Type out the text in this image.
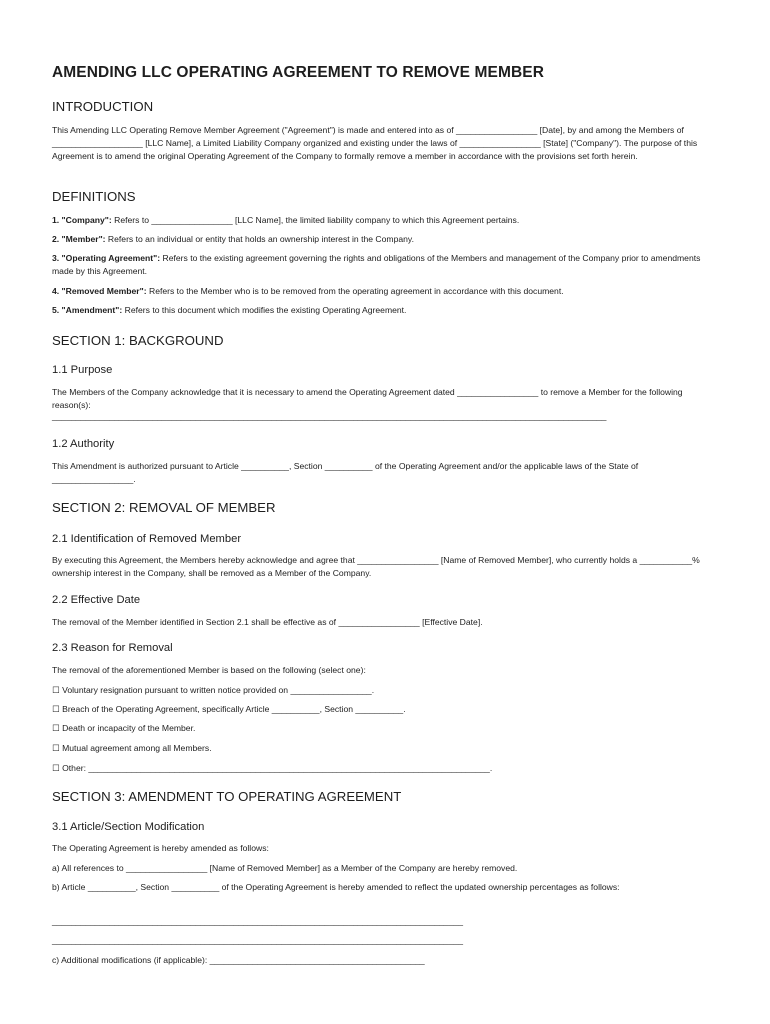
AMENDING LLC OPERATING AGREEMENT TO REMOVE MEMBER
INTRODUCTION
This Amending LLC Operating Remove Member Agreement ("Agreement") is made and entered into as of _________________ [Date], by and among the Members of ___________________ [LLC Name], a Limited Liability Company organized and existing under the laws of _________________ [State] ("Company"). The purpose of this Agreement is to amend the original Operating Agreement of the Company to formally remove a member in accordance with the provisions set forth herein.
DEFINITIONS
1. "Company": Refers to _________________ [LLC Name], the limited liability company to which this Agreement pertains.
2. "Member": Refers to an individual or entity that holds an ownership interest in the Company.
3. "Operating Agreement": Refers to the existing agreement governing the rights and obligations of the Members and management of the Company prior to amendments made by this Agreement.
4. "Removed Member": Refers to the Member who is to be removed from the operating agreement in accordance with this document.
5. "Amendment": Refers to this document which modifies the existing Operating Agreement.
SECTION 1: BACKGROUND
1.1 Purpose
The Members of the Company acknowledge that it is necessary to amend the Operating Agreement dated _________________ to remove a Member for the following reason(s):
____________________________________________________________________________________________________________________
1.2 Authority
This Amendment is authorized pursuant to Article __________, Section __________ of the Operating Agreement and/or the applicable laws of the State of _________________.
SECTION 2: REMOVAL OF MEMBER
2.1 Identification of Removed Member
By executing this Agreement, the Members hereby acknowledge and agree that _________________ [Name of Removed Member], who currently holds a ___________% ownership interest in the Company, shall be removed as a Member of the Company.
2.2 Effective Date
The removal of the Member identified in Section 2.1 shall be effective as of _________________ [Effective Date].
2.3 Reason for Removal
The removal of the aforementioned Member is based on the following (select one):
☐ Voluntary resignation pursuant to written notice provided on _________________.
☐ Breach of the Operating Agreement, specifically Article __________, Section __________.
☐ Death or incapacity of the Member.
☐ Mutual agreement among all Members.
☐ Other: ____________________________________________________________________________________.
SECTION 3: AMENDMENT TO OPERATING AGREEMENT
3.1 Article/Section Modification
The Operating Agreement is hereby amended as follows:
a) All references to _________________ [Name of Removed Member] as a Member of the Company are hereby removed.
b) Article __________, Section __________ of the Operating Agreement is hereby amended to reflect the updated ownership percentages as follows:
______________________________________________________________________________________
______________________________________________________________________________________
c) Additional modifications (if applicable): _____________________________________________
